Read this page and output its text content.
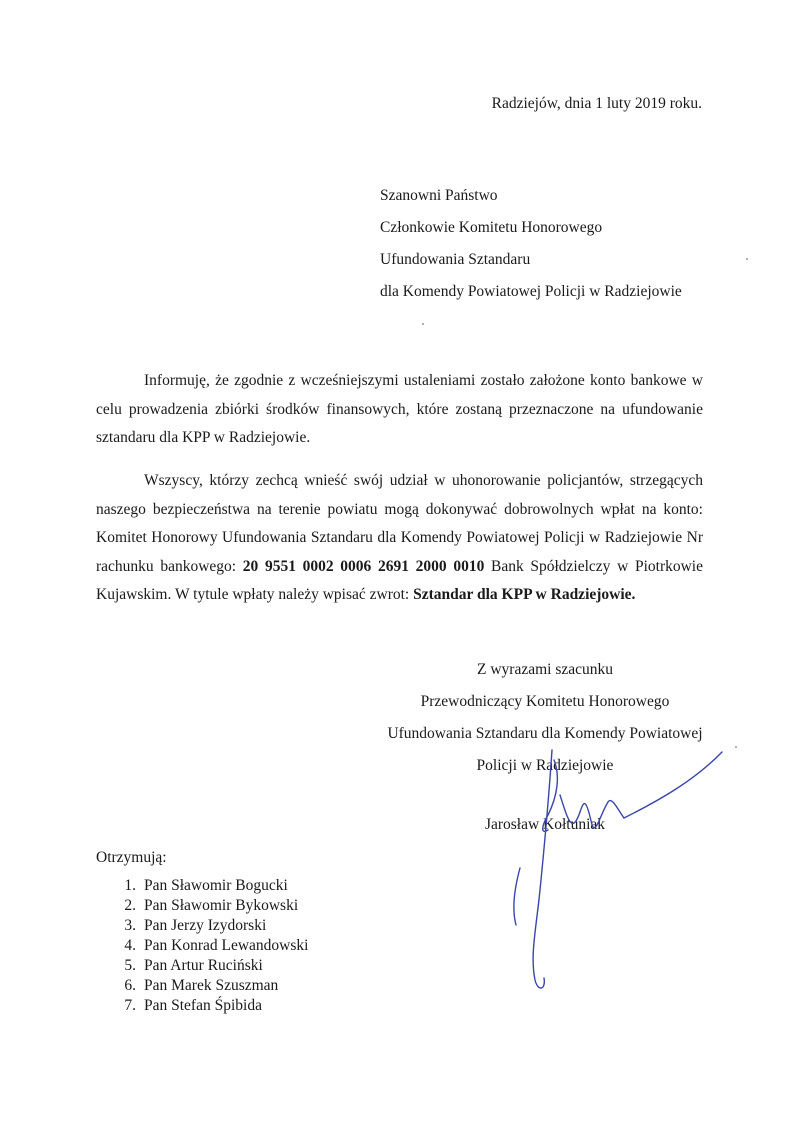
Radziejów, dnia 1 luty 2019 roku.
Szanowni Państwo
Członkowie Komitetu Honorowego
Ufundowania Sztandaru
dla Komendy Powiatowej Policji w Radziejowie
Informuję, że zgodnie z wcześniejszymi ustaleniami zostało założone konto bankowe w celu prowadzenia zbiórki środków finansowych, które zostaną przeznaczone na ufundowanie sztandaru dla KPP w Radziejowie.
Wszyscy, którzy zechcą wnieść swój udział w uhonorowanie policjantów, strzegących naszego bezpieczeństwa na terenie powiatu mogą dokonywać dobrowolnych wpłat na konto: Komitet Honorowy Ufundowania Sztandaru dla Komendy Powiatowej Policji w Radziejowie Nr rachunku bankowego: 20 9551 0002 0006 2691 2000 0010 Bank Spółdzielczy w Piotrkowie Kujawskim. W tytule wpłaty należy wpisać zwrot: Sztandar dla KPP w Radziejowie.
Z wyrazami szacunku
Przewodniczący Komitetu Honorowego
Ufundowania Sztandaru dla Komendy Powiatowej
Policji w Radziejowie
Jarosław Kołtuniak
Otrzymują:
1. Pan Sławomir Bogucki
2. Pan Sławomir Bykowski
3. Pan Jerzy Izydorski
4. Pan Konrad Lewandowski
5. Pan Artur Ruciński
6. Pan Marek Szuszman
7. Pan Stefan Śpibida
